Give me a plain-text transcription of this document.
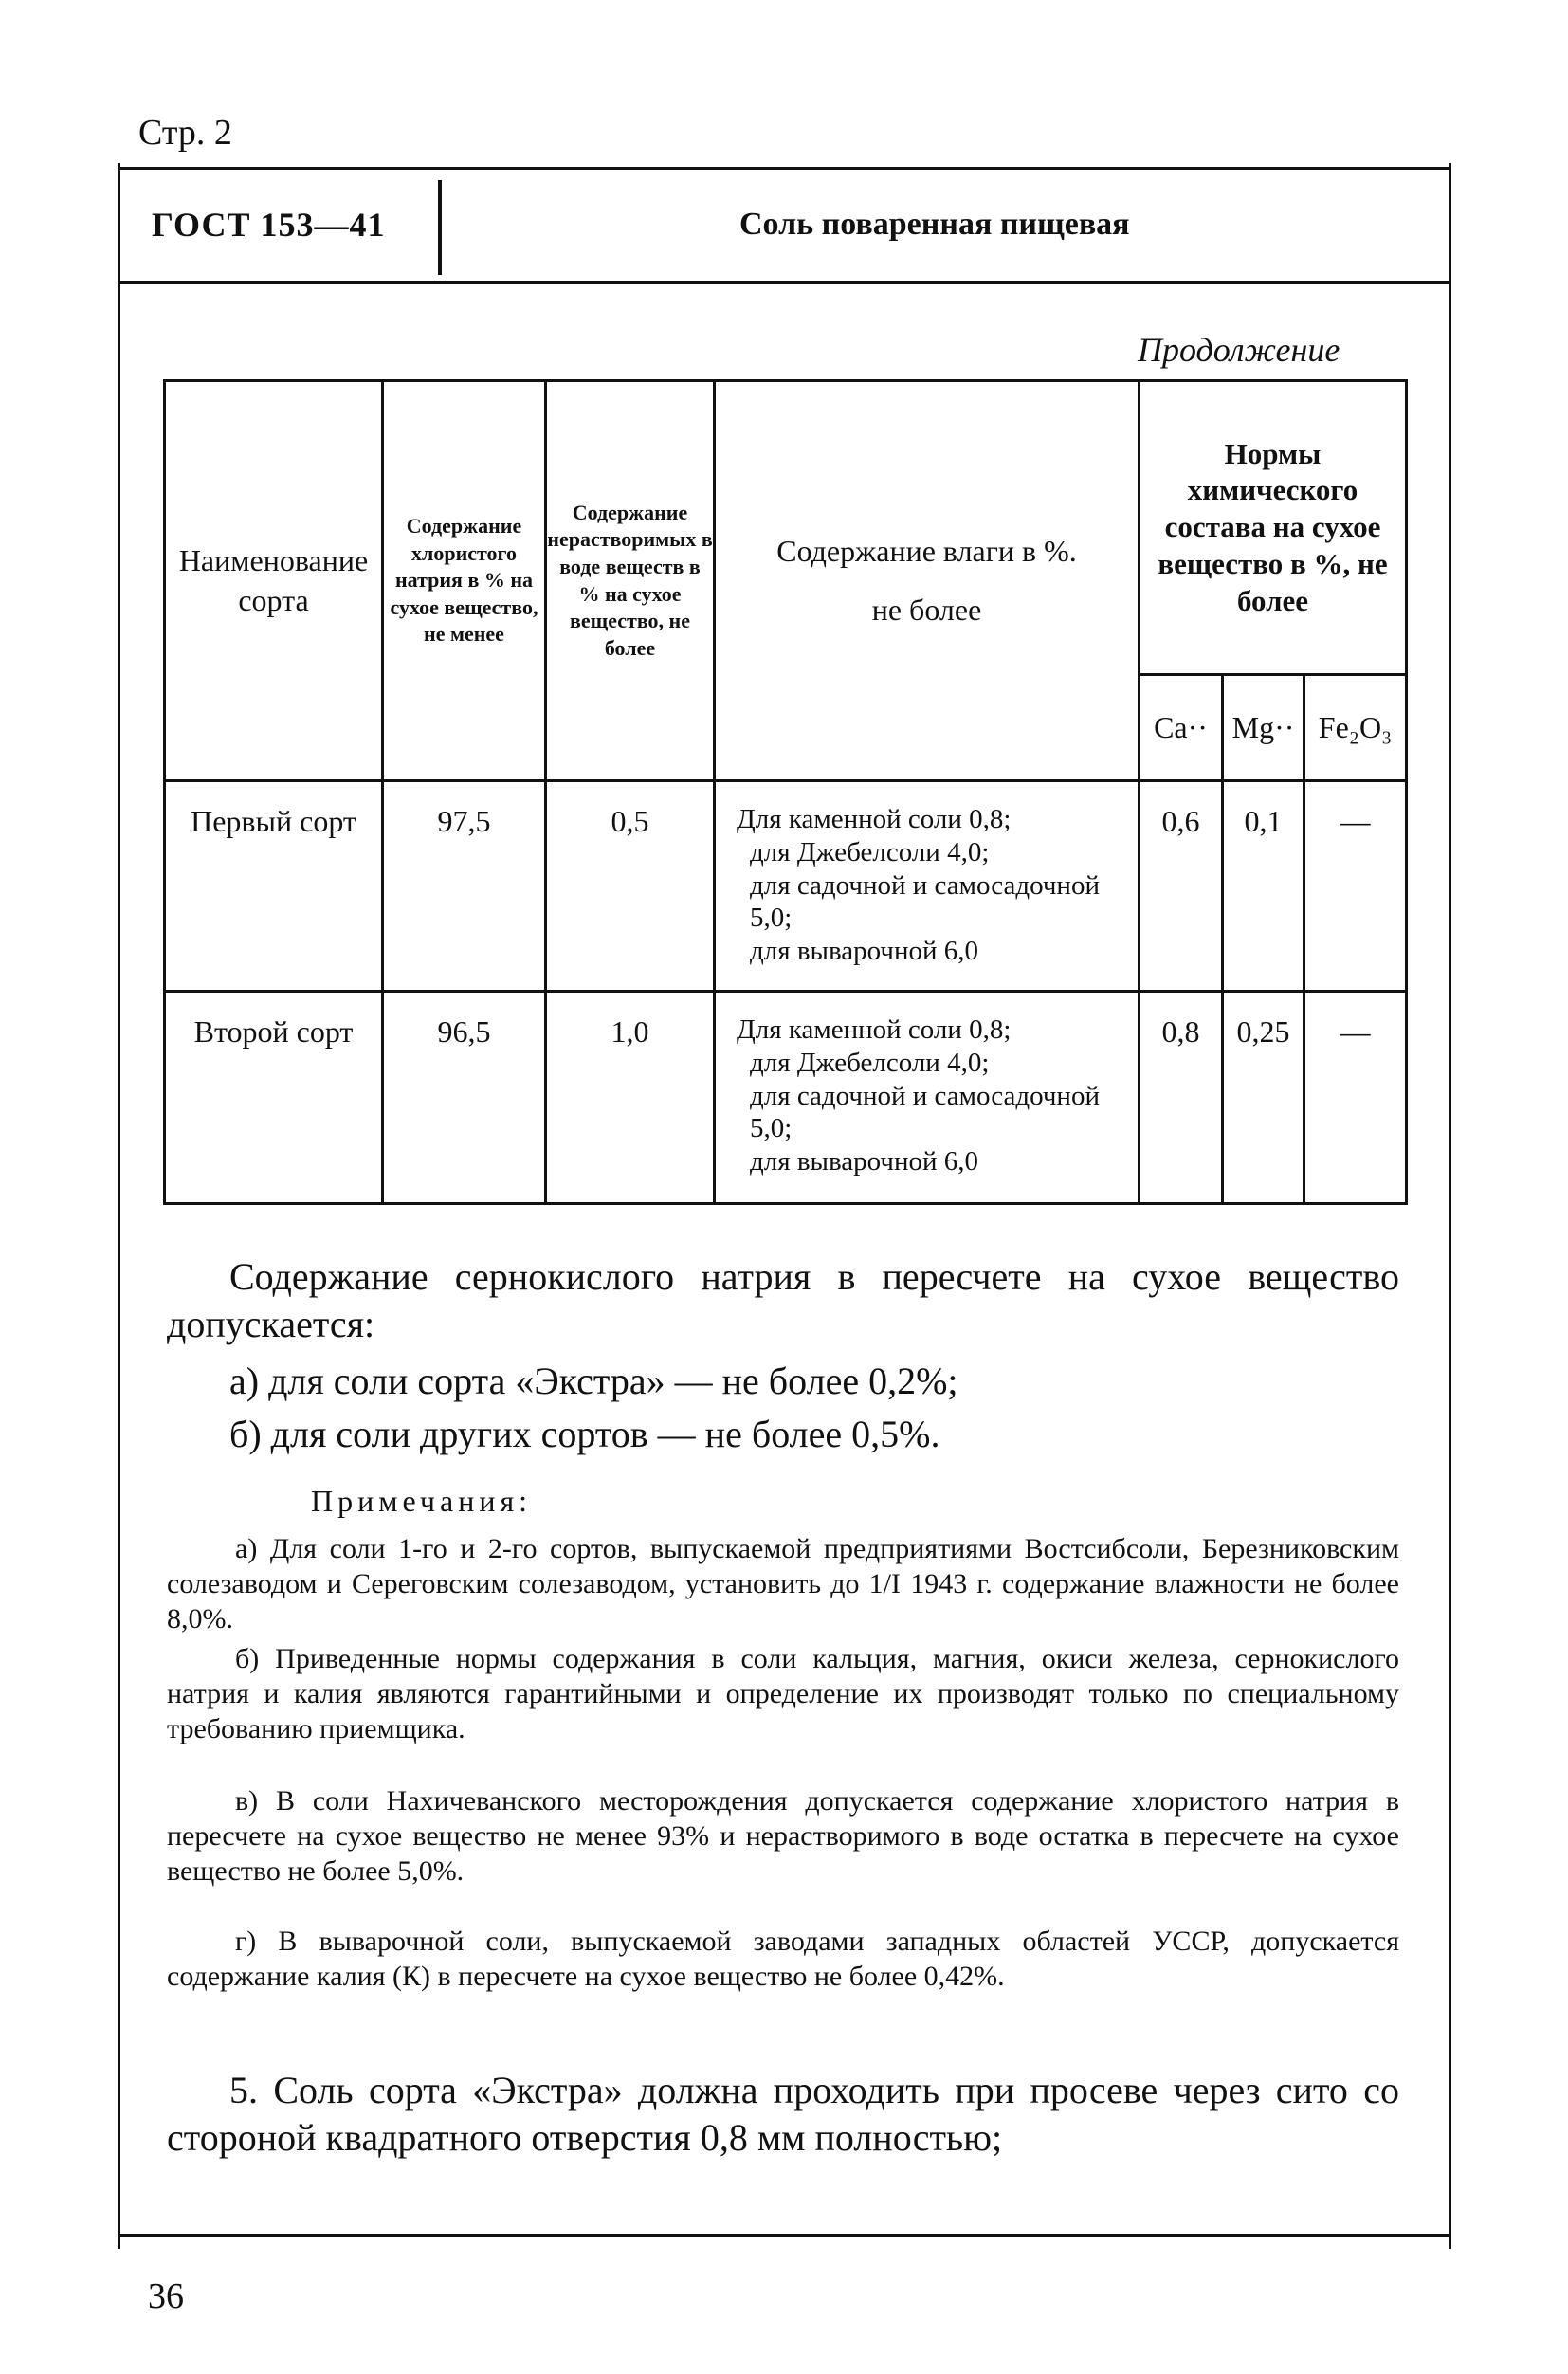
Стр. 2
ГОСТ 153—41	Соль поваренная пищевая
Продолжение
Наименование сорта	Содержание хлористого натрия в % на сухое вещество, не менее	Содержание нерастворимых в воде веществ в % на сухое вещество, не более	Содержание влаги в %.
не более	Нормы химического состава на сухое вещество в %, не более		
				Ca··	Mg··	Fe₂O₃
Первый сорт	97,5	0,5	Для каменной соли 0,8;
для Джебелсоли 4,0;
для садочной и самосадочной 5,0;
для выварочной 6,0	0,6	0,1	—
Второй сорт	96,5	1,0	Для каменной соли 0,8;
для Джебелсоли 4,0;
для садочной и самосадочной 5,0;
для выварочной 6,0	0,8	0,25	—
Содержание сернокислого натрия в пересчете на сухое вещество допускается:
а) для соли сорта «Экстра» — не более 0,2%;
б) для соли других сортов — не более 0,5%.
Примечания:
а) Для соли 1-го и 2-го сортов, выпускаемой предприятиями Востсибсоли, Березниковским солезаводом и Сереговским солезаводом, установить до 1/I 1943 г. содержание влажности не более 8,0%.
б) Приведенные нормы содержания в соли кальция, магния, окиси железа, сернокислого натрия и калия являются гарантийными и определение их производят только по специальному требованию приемщика.
в) В соли Нахичеванского месторождения допускается содержание хлористого натрия в пересчете на сухое вещество не менее 93% и нерастворимого в воде остатка в пересчете на сухое вещество не более 5,0%.
г) В выварочной соли, выпускаемой заводами западных областей УССР, допускается содержание калия (К) в пересчете на сухое вещество не более 0,42%.
5. Соль сорта «Экстра» должна проходить при просеве через сито со стороной квадратного отверстия 0,8 мм полностью;
36
